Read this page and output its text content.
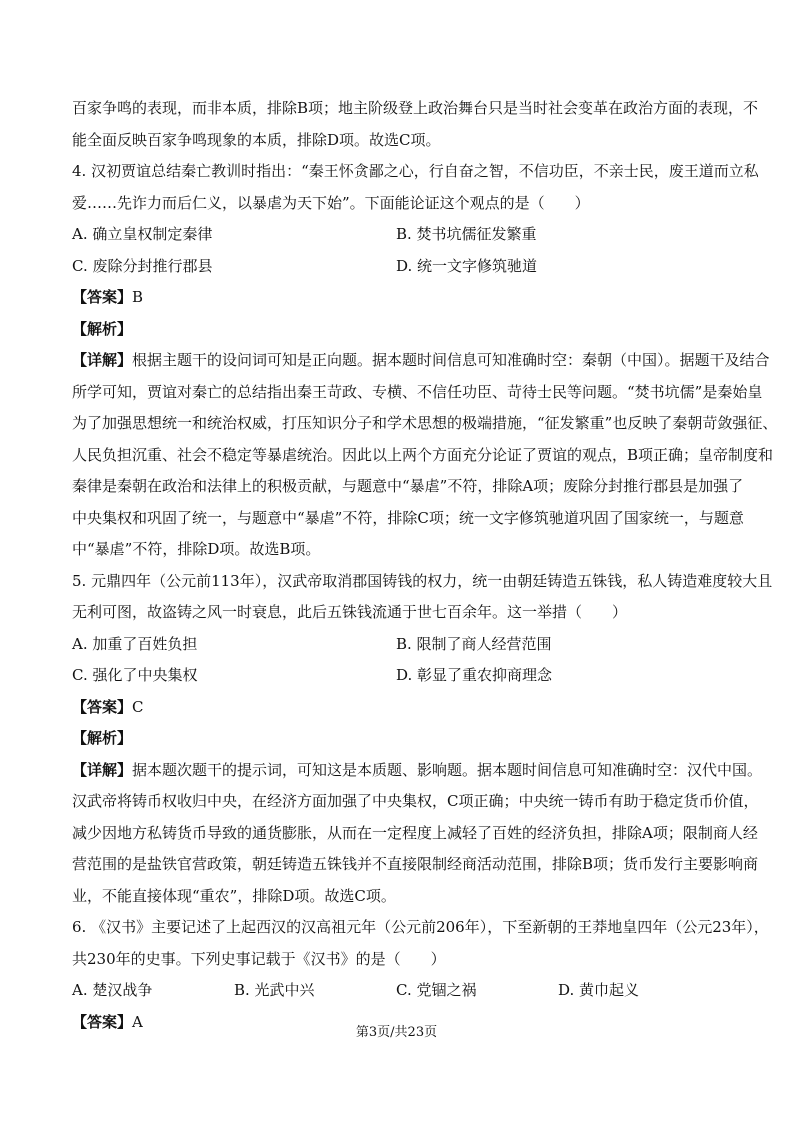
百家争鸣的表现，而非本质，排除B项；地主阶级登上政治舞台只是当时社会变革在政治方面的表现，不

能全面反映百家争鸣现象的本质，排除D项。故选C项。

4. 汉初贾谊总结秦亡教训时指出：“秦王怀贪鄙之心，行自奋之智，不信功臣，不亲士民，废王道而立私

爱……先诈力而后仁义，以暴虐为天下始”。下面能论证这个观点的是（　　）

A. 确立皇权制定秦律	B. 焚书坑儒征发繁重
C. 废除分封推行郡县	D. 统一文字修筑驰道

【答案】B

【解析】

【详解】根据主题干的设问词可知是正向题。据本题时间信息可知准确时空：秦朝（中国）。据题干及结合

所学可知，贾谊对秦亡的总结指出秦王苛政、专横、不信任功臣、苛待士民等问题。“焚书坑儒”是秦始皇

为了加强思想统一和统治权威，打压知识分子和学术思想的极端措施，“征发繁重”也反映了秦朝苛敛强征、

人民负担沉重、社会不稳定等暴虐统治。因此以上两个方面充分论证了贾谊的观点，B项正确；皇帝制度和

秦律是秦朝在政治和法律上的积极贡献，与题意中“暴虐”不符，排除A项；废除分封推行郡县是加强了

中央集权和巩固了统一，与题意中“暴虐”不符，排除C项；统一文字修筑驰道巩固了国家统一，与题意

中“暴虐”不符，排除D项。故选B项。

5. 元鼎四年（公元前113年），汉武帝取消郡国铸钱的权力，统一由朝廷铸造五铢钱，私人铸造难度较大且

无利可图，故盗铸之风一时衰息，此后五铢钱流通于世七百余年。这一举措（　　）

A. 加重了百姓负担	B. 限制了商人经营范围
C. 强化了中央集权	D. 彰显了重农抑商理念

【答案】C

【解析】

【详解】据本题次题干的提示词，可知这是本质题、影响题。据本题时间信息可知准确时空：汉代中国。

汉武帝将铸币权收归中央，在经济方面加强了中央集权，C项正确；中央统一铸币有助于稳定货币价值，

减少因地方私铸货币导致的通货膨胀，从而在一定程度上减轻了百姓的经济负担，排除A项；限制商人经

营范围的是盐铁官营政策，朝廷铸造五铢钱并不直接限制经商活动范围，排除B项；货币发行主要影响商

业，不能直接体现“重农”，排除D项。故选C项。

6. 《汉书》主要记述了上起西汉的汉高祖元年（公元前206年），下至新朝的王莽地皇四年（公元23年），

共230年的史事。下列史事记载于《汉书》的是（　　）

A. 楚汉战争	B. 光武中兴	C. 党锢之祸	D. 黄巾起义

【答案】A

第3页/共23页
